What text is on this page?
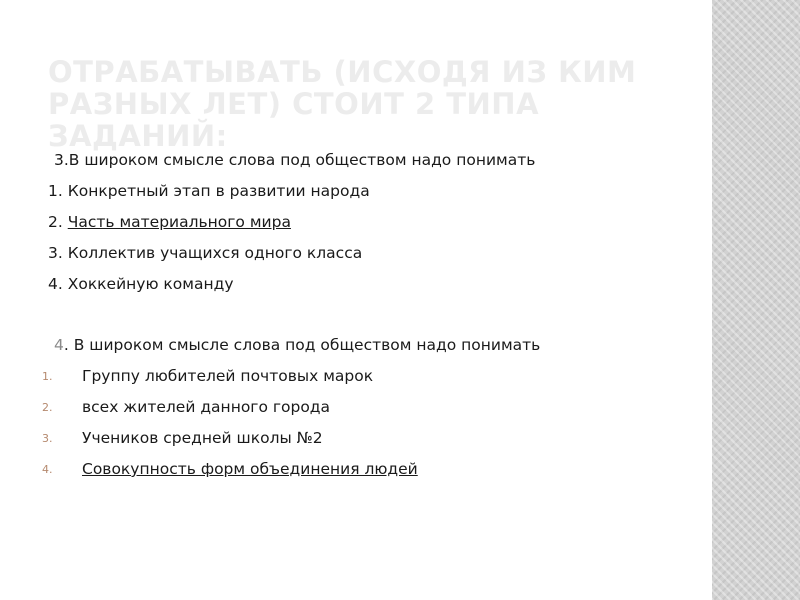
ОТРАБАТЫВАТЬ (ИСХОДЯ ИЗ КИМ РАЗНЫХ ЛЕТ) СТОИТ 2 ТИПА ЗАДАНИЙ:
3.В широком смысле слова под обществом надо понимать
1. Конкретный этап в развитии народа
2. Часть материального мира
3. Коллектив учащихся одного класса
4. Хоккейную команду
4. В широком смысле слова под обществом надо понимать
1.	Группу любителей почтовых марок
2.	всех жителей данного города
3.	Учеников средней школы №2
4.	Совокупность форм объединения людей
